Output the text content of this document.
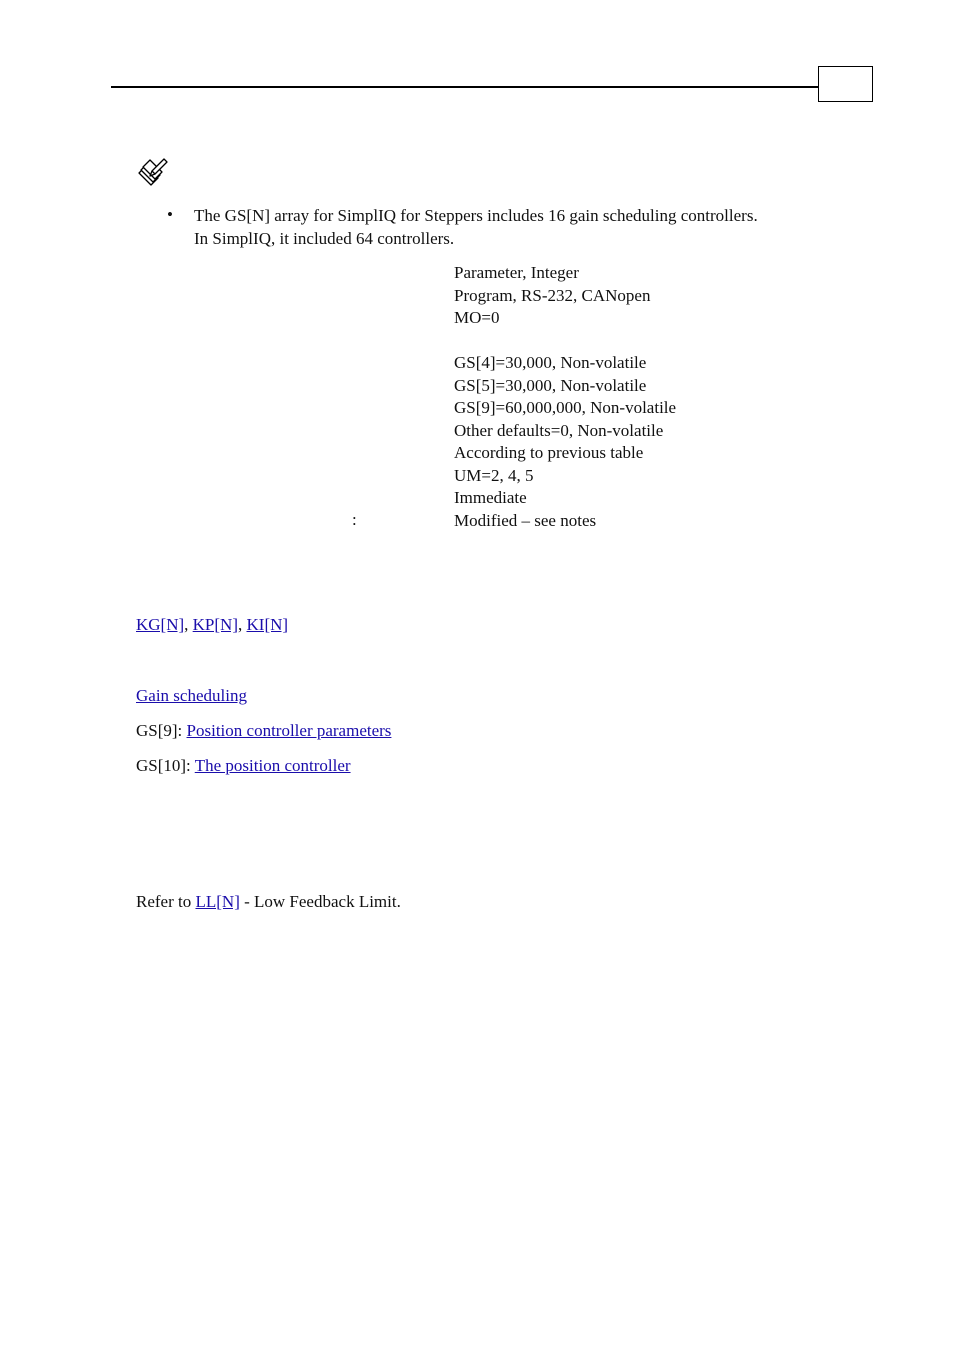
• The GS[N] array for SimplIQ for Steppers includes 16 gain scheduling controllers.
In SimplIQ, it included 64 controllers.
Parameter, Integer
Program, RS-232, CANopen
MO=0
GS[4]=30,000, Non-volatile
GS[5]=30,000, Non-volatile
GS[9]=60,000,000, Non-volatile
Other defaults=0, Non-volatile
According to previous table
UM=2, 4, 5
Immediate
Modified – see notes
:
KG[N], KP[N], KI[N]
Gain scheduling
GS[9]: Position controller parameters
GS[10]: The position controller
Refer to LL[N] - Low Feedback Limit.
